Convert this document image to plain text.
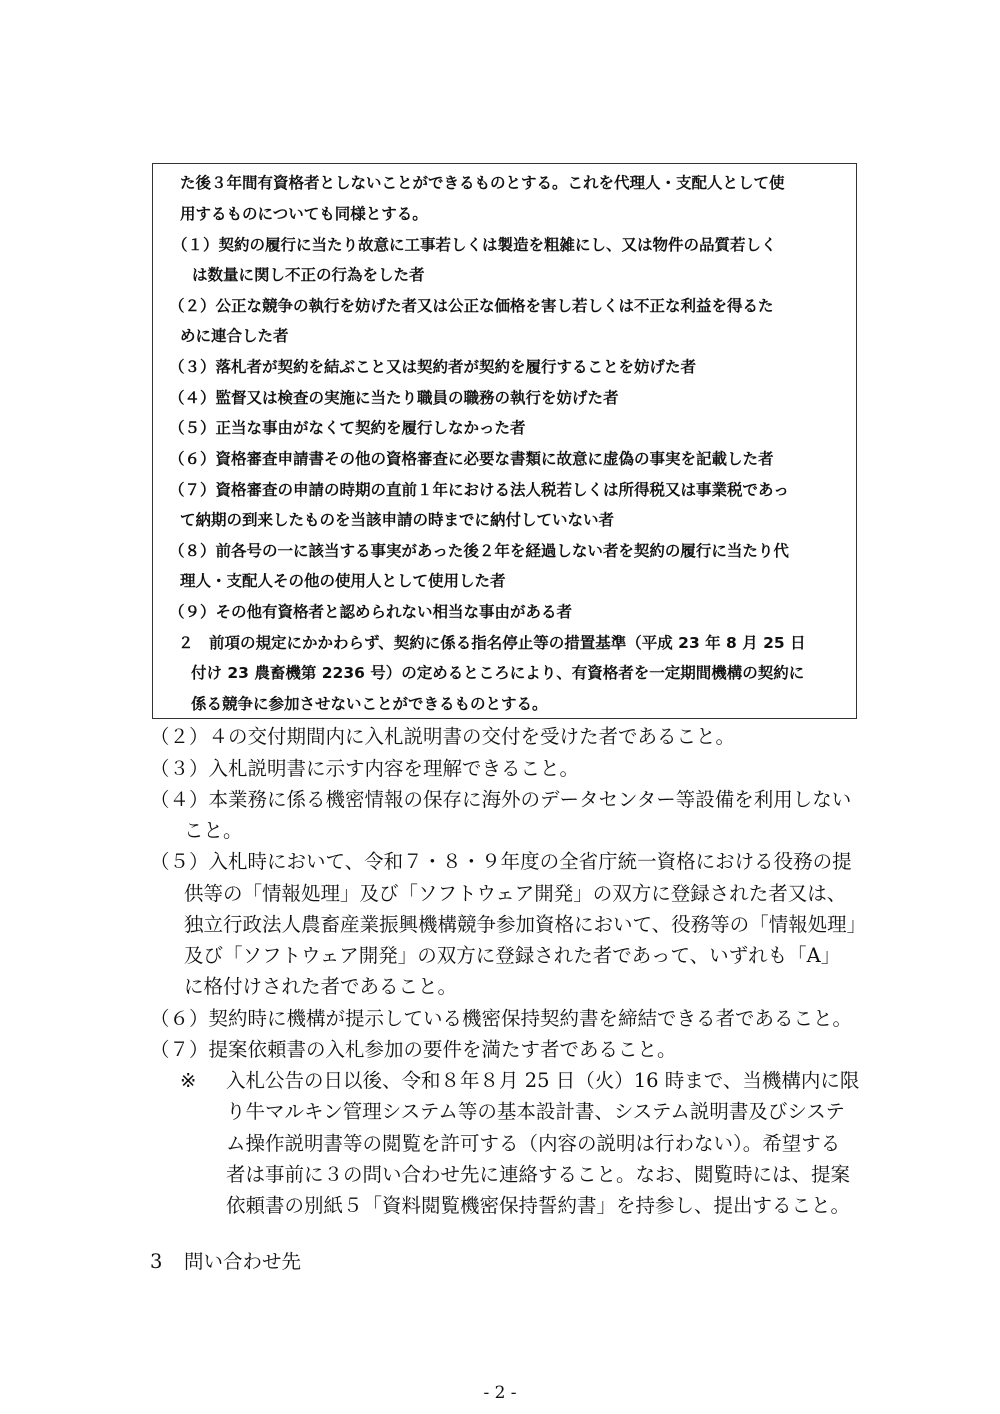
た後３年間有資格者としないことができるものとする。これを代理人・支配人として使
用するものについても同様とする。
（１）契約の履行に当たり故意に工事若しくは製造を粗雑にし、又は物件の品質若しく
は数量に関し不正の行為をした者
（２）公正な競争の執行を妨げた者又は公正な価格を害し若しくは不正な利益を得るた
めに連合した者
（３）落札者が契約を結ぶこと又は契約者が契約を履行することを妨げた者
（４）監督又は検査の実施に当たり職員の職務の執行を妨げた者
（５）正当な事由がなくて契約を履行しなかった者
（６）資格審査申請書その他の資格審査に必要な書類に故意に虚偽の事実を記載した者
（７）資格審査の申請の時期の直前１年における法人税若しくは所得税又は事業税であっ
て納期の到来したものを当該申請の時までに納付していない者
（８）前各号の一に該当する事実があった後２年を経過しない者を契約の履行に当たり代
理人・支配人その他の使用人として使用した者
（９）その他有資格者と認められない相当な事由がある者
２　前項の規定にかかわらず、契約に係る指名停止等の措置基準（平成 23 年 8 月 25 日
付け 23 農畜機第 2236 号）の定めるところにより、有資格者を一定期間機構の契約に
係る競争に参加させないことができるものとする。
（２）４の交付期間内に入札説明書の交付を受けた者であること。
（３）入札説明書に示す内容を理解できること。
（４）本業務に係る機密情報の保存に海外のデータセンター等設備を利用しない
こと。
（５）入札時において、令和７・８・９年度の全省庁統一資格における役務の提
供等の「情報処理」及び「ソフトウェア開発」の双方に登録された者又は、
独立行政法人農畜産業振興機構競争参加資格において、役務等の「情報処理」
及び「ソフトウェア開発」の双方に登録された者であって、いずれも「A」
に格付けされた者であること。
（６）契約時に機構が提示している機密保持契約書を締結できる者であること。
（７）提案依頼書の入札参加の要件を満たす者であること。
※ 入札公告の日以後、令和８年８月 25 日（火）16 時まで、当機構内に限
り牛マルキン管理システム等の基本設計書、システム説明書及びシステ
ム操作説明書等の閲覧を許可する（内容の説明は行わない）。希望する
者は事前に３の問い合わせ先に連絡すること。なお、閲覧時には、提案
依頼書の別紙５「資料閲覧機密保持誓約書」を持参し、提出すること。
3 問い合わせ先
- 2 -
